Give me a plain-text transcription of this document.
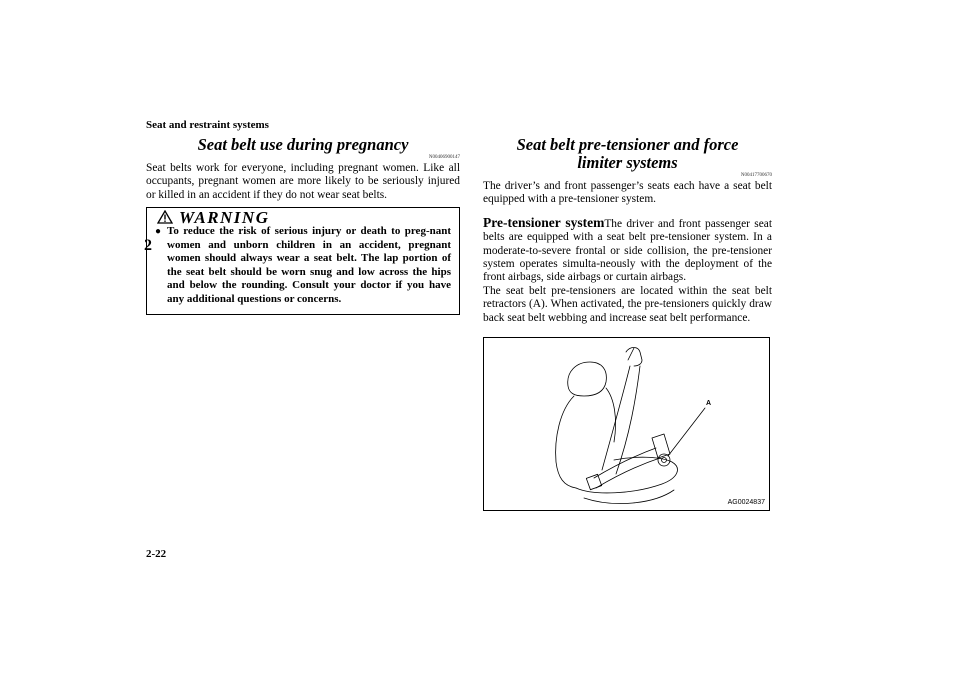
Seat and restraint systems
2
Seat belt use during pregnancy
N00406900147

Seat belts work for everyone, including pregnant women. Like all occupants, pregnant women are more likely to be seriously injured or killed in an accident if they do not wear seat belts.

WARNING
● To reduce the risk of serious injury or death to preg-nant women and unborn children in an accident, pregnant women should always wear a seat belt. The lap portion of the seat belt should be worn snug and low across the hips and below the rounding. Consult your doctor if you have any additional questions or concerns.
Seat belt pre-tensioner and force limiter systems
N00417700670

The driver’s and front passenger’s seats each have a seat belt equipped with a pre-tensioner system.

Pre-tensioner systemThe driver and front passenger seat belts are equipped with a seat belt pre-tensioner system. In a moderate-to-severe frontal or side collision, the pre-tensioner system operates simulta-neously with the deployment of the front airbags, side airbags or curtain airbags.

The seat belt pre-tensioners are located within the seat belt retractors (A). When activated, the pre-tensioners quickly draw back seat belt webbing and increase seat belt performance.

A
AG0024837
2-22
